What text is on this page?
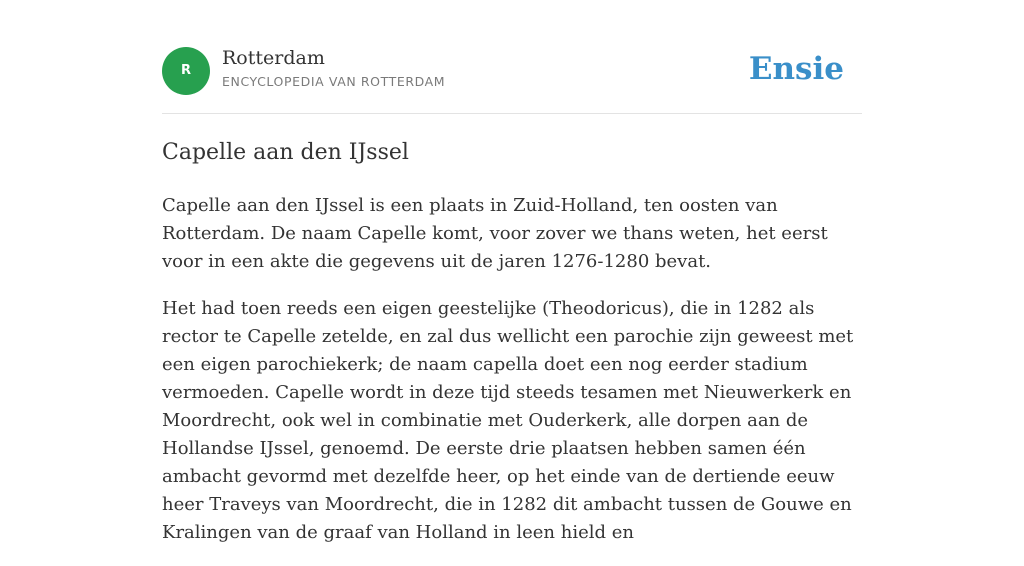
R
Rotterdam
ENCYCLOPEDIA VAN ROTTERDAM	Ensie
Capelle aan den IJssel

Capelle aan den IJssel is een plaats in Zuid-Holland, ten oosten van Rotterdam. De naam Capelle komt, voor zover we thans weten, het eerst voor in een akte die gegevens uit de jaren 1276-1280 bevat.

Het had toen reeds een eigen geestelijke (Theodoricus), die in 1282 als rector te Capelle zetelde, en zal dus wellicht een parochie zijn geweest met een eigen parochiekerk; de naam capella doet een nog eerder stadium vermoeden. Capelle wordt in deze tijd steeds tesamen met Nieuwerkerk en Moordrecht, ook wel in combinatie met Ouderkerk, alle dorpen aan de Hollandse IJssel, genoemd. De eerste drie plaatsen hebben samen één ambacht gevormd met dezelfde heer, op het einde van de dertiende eeuw heer Traveys van Moordrecht, die in 1282 dit ambacht tussen de Gouwe en Kralingen van de graaf van Holland in leen hield en
